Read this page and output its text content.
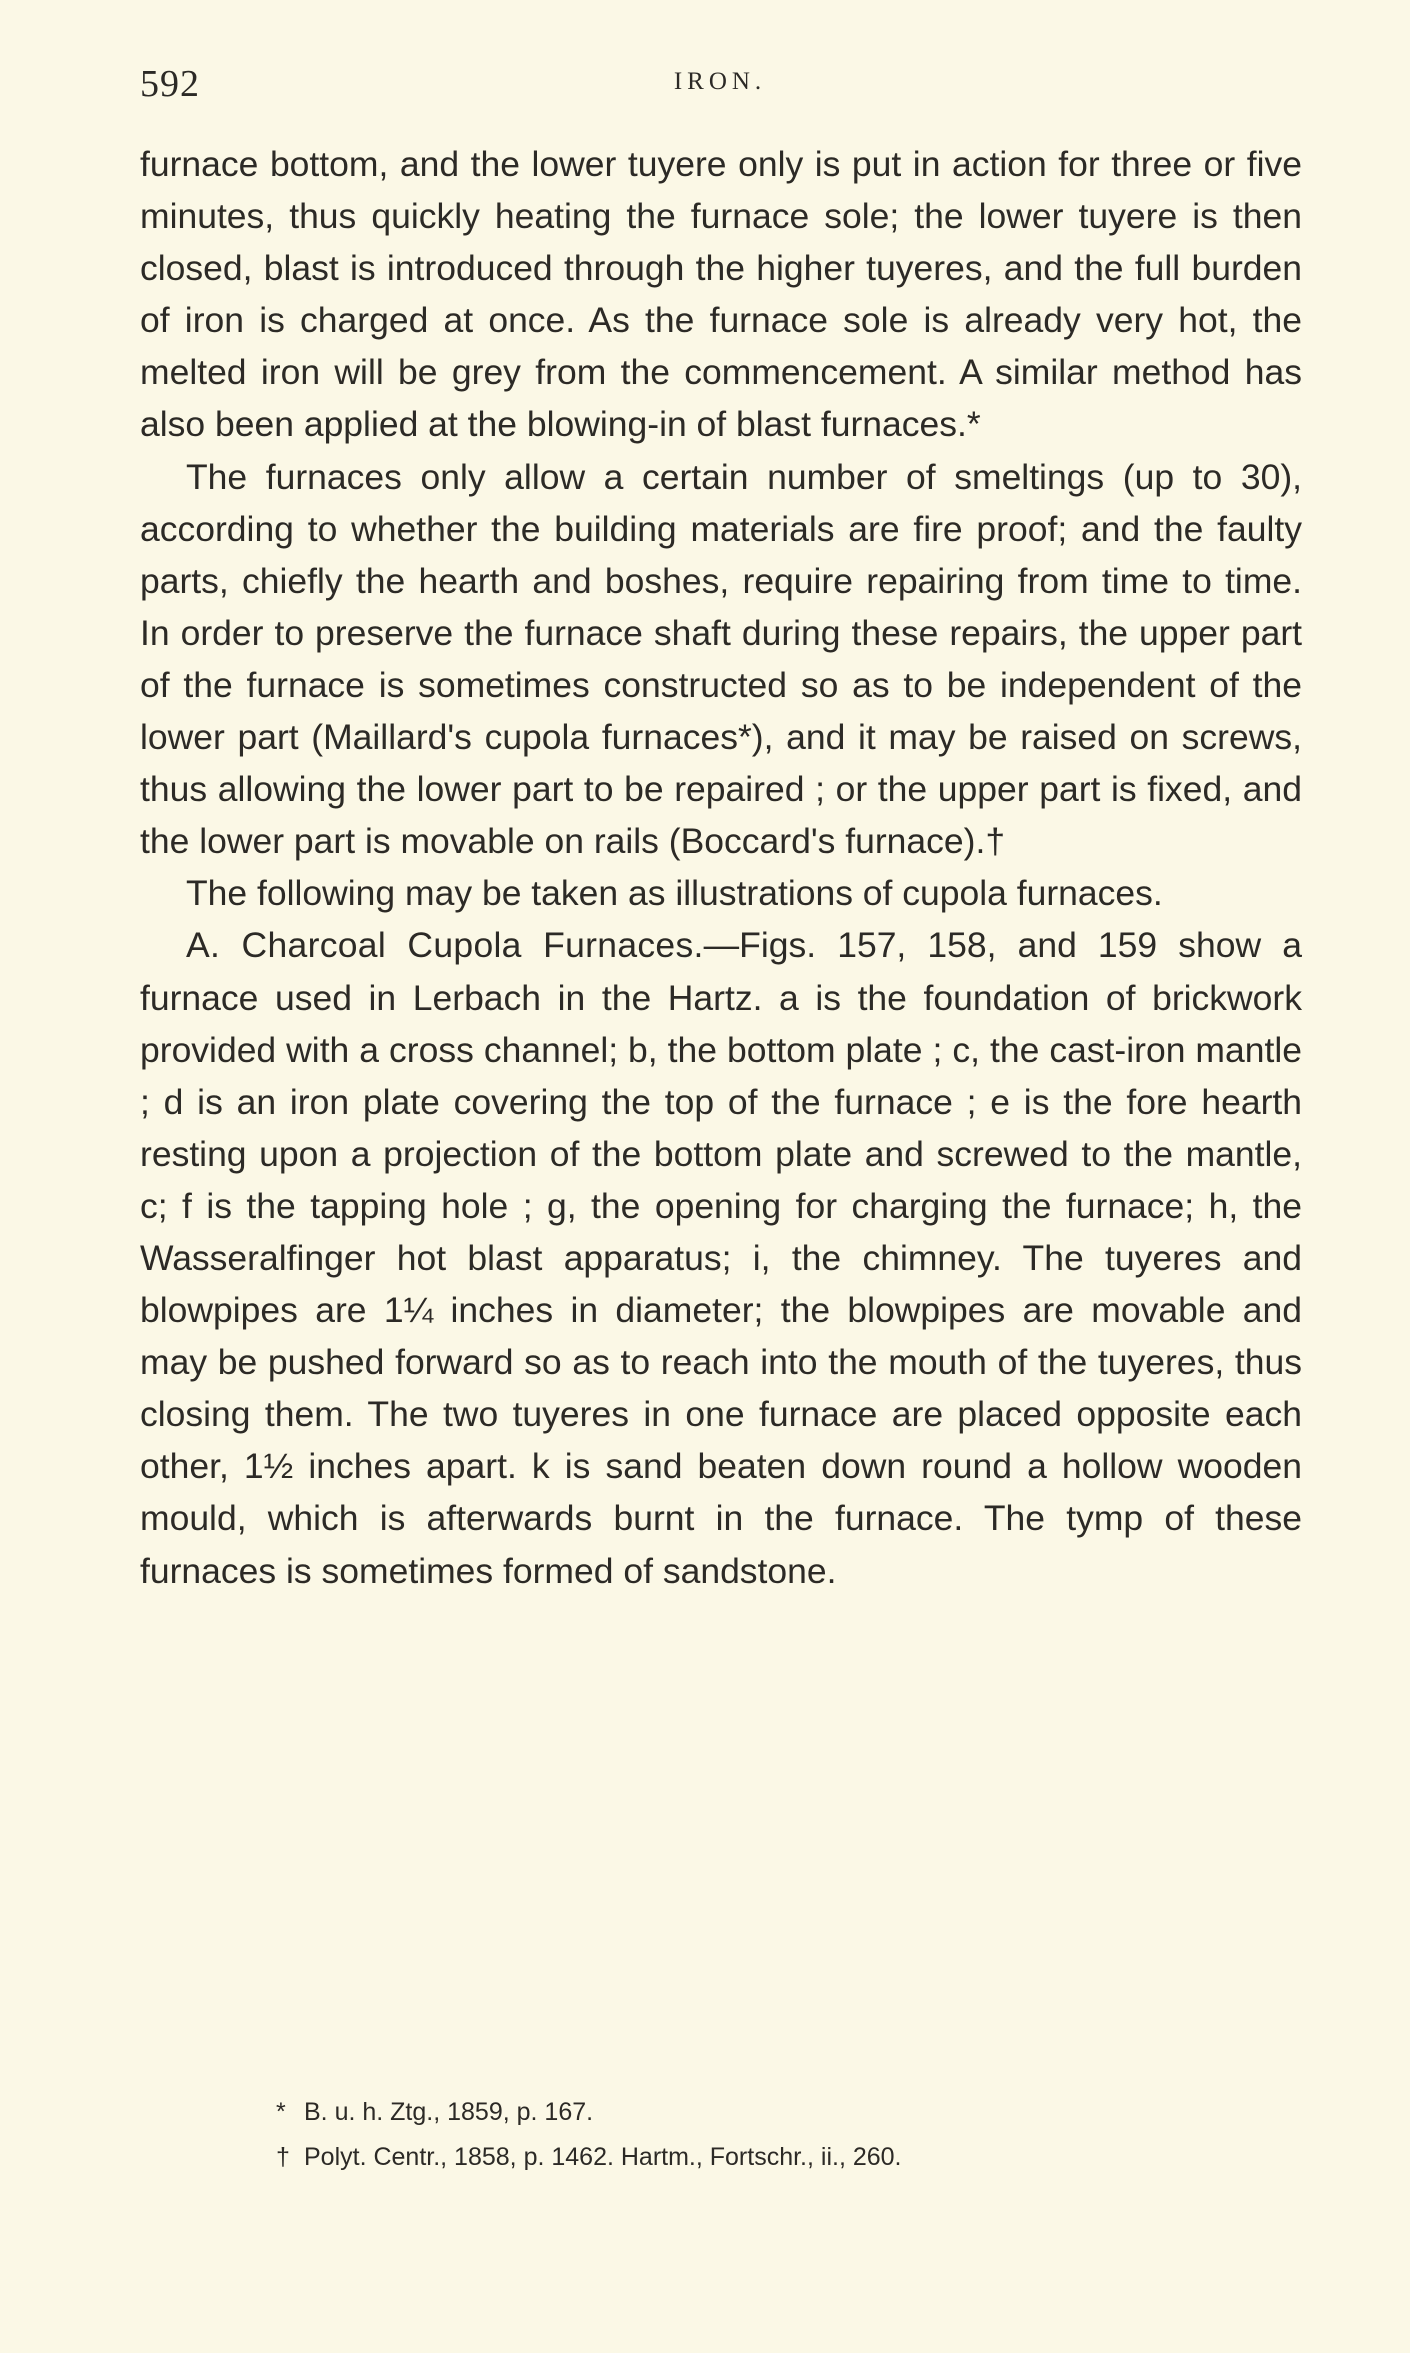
592	IRON.

furnace bottom, and the lower tuyere only is put in action for three or five minutes, thus quickly heating the furnace sole; the lower tuyere is then closed, blast is introduced through the higher tuyeres, and the full burden of iron is charged at once. As the furnace sole is already very hot, the melted iron will be grey from the commencement. A similar method has also been applied at the blowing-in of blast furnaces.*

The furnaces only allow a certain number of smeltings (up to 30), according to whether the building materials are fire proof; and the faulty parts, chiefly the hearth and boshes, require repairing from time to time. In order to preserve the furnace shaft during these repairs, the upper part of the furnace is sometimes constructed so as to be independent of the lower part (Maillard's cupola furnaces*), and it may be raised on screws, thus allowing the lower part to be repaired ; or the upper part is fixed, and the lower part is movable on rails (Boccard's furnace).†

The following may be taken as illustrations of cupola furnaces.

A. Charcoal Cupola Furnaces.—Figs. 157, 158, and 159 show a furnace used in Lerbach in the Hartz. a is the foundation of brickwork provided with a cross channel; b, the bottom plate ; c, the cast-iron mantle ; d is an iron plate covering the top of the furnace ; e is the fore hearth resting upon a projection of the bottom plate and screwed to the mantle, c; f is the tapping hole ; g, the opening for charging the furnace; h, the Wasseralfinger hot blast apparatus; i, the chimney. The tuyeres and blowpipes are 1¼ inches in diameter; the blowpipes are movable and may be pushed forward so as to reach into the mouth of the tuyeres, thus closing them. The two tuyeres in one furnace are placed opposite each other, 1½ inches apart. k is sand beaten down round a hollow wooden mould, which is afterwards burnt in the furnace. The tymp of these furnaces is sometimes formed of sandstone.

* B. u. h. Ztg., 1859, p. 167.
† Polyt. Centr., 1858, p. 1462. Hartm., Fortschr., ii., 260.
